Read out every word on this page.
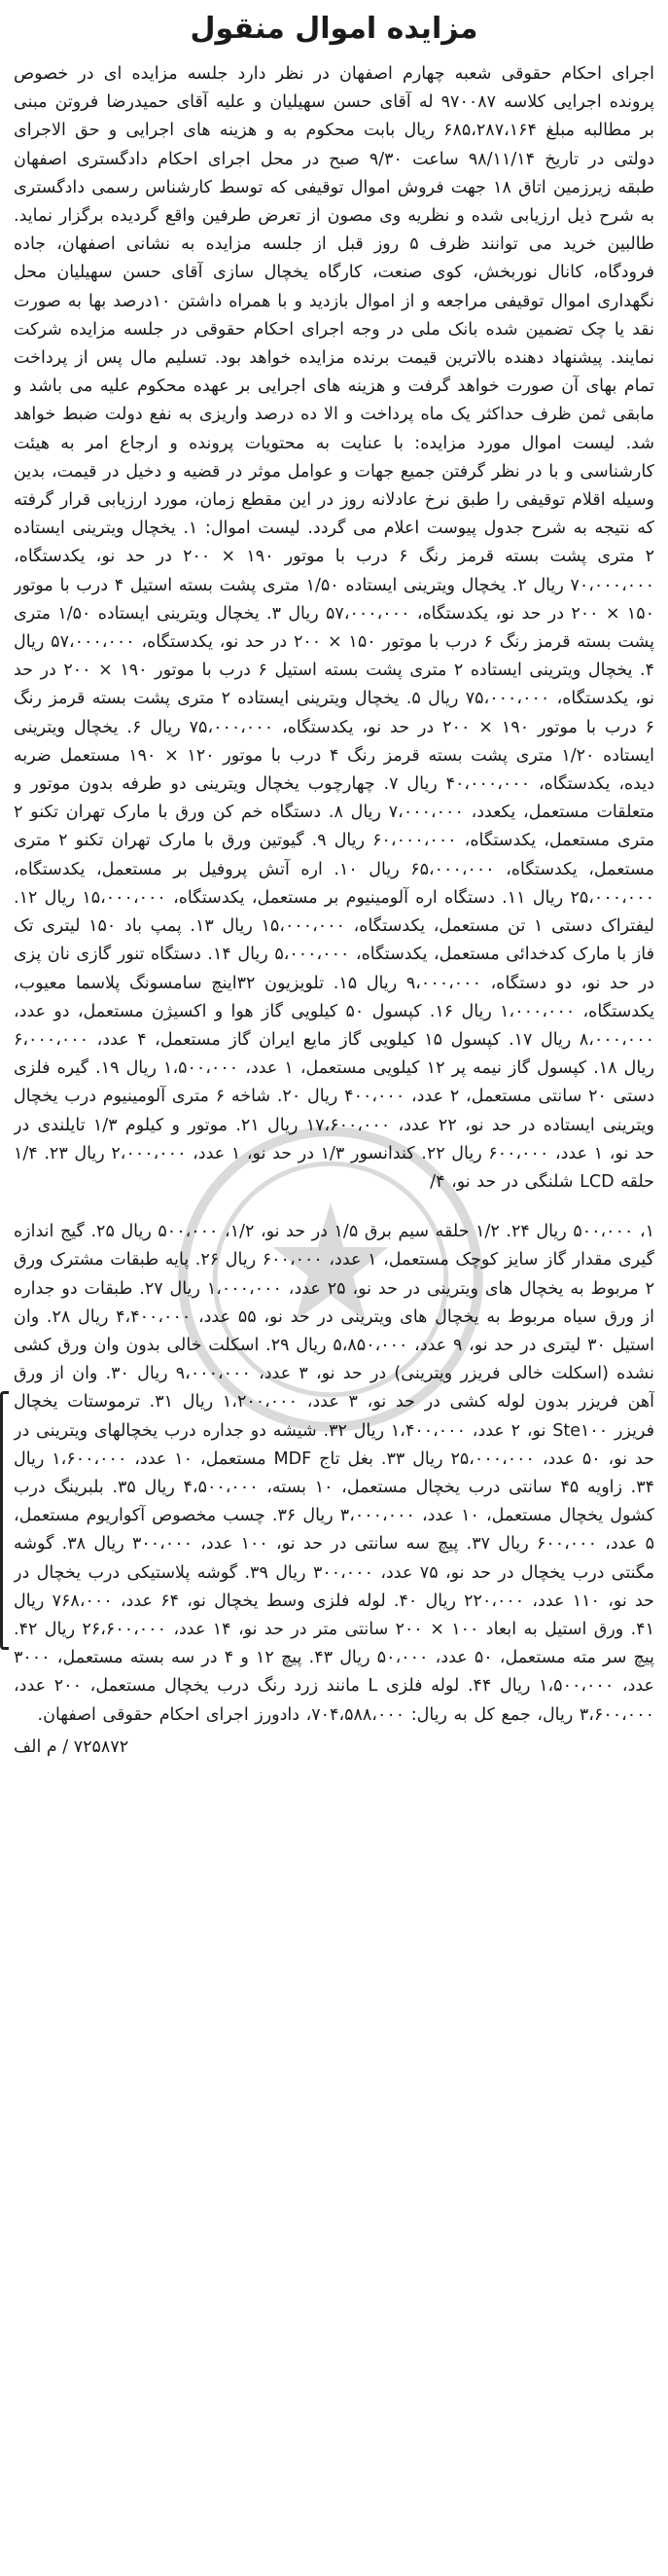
مزایده اموال منقول

اجرای احکام حقوقی شعبه چهارم اصفهان در نظر دارد جلسه مزایده ای در خصوص پرونده اجرایی کلاسه ۹۷۰۰۸۷ له آقای حسن سهیلیان و علیه آقای حمیدرضا فروتن مبنی بر مطالبه مبلغ ۶۸۵،۲۸۷،۱۶۴ ریال بابت محکوم به و هزینه های اجرایی و حق الاجرای دولتی در تاریخ ۹۸/۱۱/۱۴ ساعت ۹/۳۰ صبح در محل اجرای احکام دادگستری اصفهان طبقه زیرزمین اتاق ۱۸ جهت فروش اموال توقیفی که توسط کارشناس رسمی دادگستری به شرح ذیل ارزیابی شده و نظریه وی مصون از تعرض طرفین واقع گردیده برگزار نماید. طالبین خرید می توانند ظرف ۵ روز قبل از جلسه مزایده به نشانی اصفهان، جاده فرودگاه، کانال نوربخش، کوی صنعت، کارگاه یخچال سازی آقای حسن سهیلیان محل نگهداری اموال توقیفی مراجعه و از اموال بازدید و با همراه داشتن ۱۰درصد بها به صورت نقد یا چک تضمین شده بانک ملی در وجه اجرای احکام حقوقی در جلسه مزایده شرکت نمایند. پیشنهاد دهنده بالاترین قیمت برنده مزایده خواهد بود. تسلیم مال پس از پرداخت تمام بهای آن صورت خواهد گرفت و هزینه های اجرایی بر عهده محکوم علیه می باشد و مابقی ثمن ظرف حداکثر یک ماه پرداخت و الا ده درصد واریزی به نفع دولت ضبط خواهد شد. لیست اموال مورد مزایده: با عنایت به محتویات پرونده و ارجاع امر به هیئت کارشناسی و با در نظر گرفتن جمیع جهات و عوامل موثر در قضیه و دخیل در قیمت، بدین وسیله اقلام توقیفی را طبق نرخ عادلانه روز در این مقطع زمان، مورد ارزیابی قرار گرفته که نتیجه به شرح جدول پیوست اعلام می گردد. لیست اموال: ۱. یخچال ویترینی ایستاده ۲ متری پشت بسته قرمز رنگ ۶ درب با موتور ۱۹۰ × ۲۰۰ در حد نو، یکدستگاه، ۷۰،۰۰۰،۰۰۰ ریال ۲. یخچال ویترینی ایستاده ۱/۵۰ متری پشت بسته استیل ۴ درب با موتور ۱۵۰ × ۲۰۰ در حد نو، یکدستگاه، ۵۷،۰۰۰،۰۰۰ ریال ۳. یخچال ویترینی ایستاده ۱/۵۰ متری پشت بسته قرمز رنگ ۶ درب با موتور ۱۵۰ × ۲۰۰ در حد نو، یکدستگاه، ۵۷،۰۰۰،۰۰۰ ریال ۴. یخچال ویترینی ایستاده ۲ متری پشت بسته استیل ۶ درب با موتور ۱۹۰ × ۲۰۰ در حد نو، یکدستگاه، ۷۵،۰۰۰،۰۰۰ ریال ۵. یخچال ویترینی ایستاده ۲ متری پشت بسته قرمز رنگ ۶ درب با موتور ۱۹۰ × ۲۰۰ در حد نو، یکدستگاه، ۷۵،۰۰۰،۰۰۰ ریال ۶. یخچال ویترینی ایستاده ۱/۲۰ متری پشت بسته قرمز رنگ ۴ درب با موتور ۱۲۰ × ۱۹۰ مستعمل ضربه دیده، یکدستگاه، ۴۰،۰۰۰،۰۰۰ ریال ۷. چهارچوب یخچال ویترینی دو طرفه بدون موتور و متعلقات مستعمل، یکعدد، ۷،۰۰۰،۰۰۰ ریال ۸. دستگاه خم کن ورق با مارک تهران تکنو ۲ متری مستعمل، یکدستگاه، ۶۰،۰۰۰،۰۰۰ ریال ۹. گیوتین ورق با مارک تهران تکنو ۲ متری مستعمل، یکدستگاه، ۶۵،۰۰۰،۰۰۰ ریال ۱۰. اره آتش پروفیل بر مستعمل، یکدستگاه، ۲۵،۰۰۰،۰۰۰ ریال ۱۱. دستگاه اره آلومینیوم بر مستعمل، یکدستگاه، ۱۵،۰۰۰،۰۰۰ ریال ۱۲. لیفتراک دستی ۱ تن مستعمل، یکدستگاه، ۱۵،۰۰۰،۰۰۰ ریال ۱۳. پمپ باد ۱۵۰ لیتری تک فاز با مارک کدخدائی مستعمل، یکدستگاه، ۵،۰۰۰،۰۰۰ ریال ۱۴. دستگاه تنور گازی نان پزی در حد نو، دو دستگاه، ۹،۰۰۰،۰۰۰ ریال ۱۵. تلویزیون ۳۲اینچ سامسونگ پلاسما معیوب، یکدستگاه، ۱،۰۰۰،۰۰۰ ریال ۱۶. کپسول ۵۰ کیلویی گاز هوا و اکسیژن مستعمل، دو عدد، ۸،۰۰۰،۰۰۰ ریال ۱۷. کپسول ۱۵ کیلویی گاز مایع ایران گاز مستعمل، ۴ عدد، ۶،۰۰۰،۰۰۰ ریال ۱۸. کپسول گاز نیمه پر ۱۲ کیلویی مستعمل، ۱ عدد، ۱،۵۰۰،۰۰۰ ریال ۱۹. گیره فلزی دستی ۲۰ سانتی مستعمل، ۲ عدد، ۴۰۰،۰۰۰ ریال ۲۰. شاخه ۶ متری آلومینیوم درب یخچال ویترینی ایستاده در حد نو، ۲۲ عدد، ۱۷،۶۰۰،۰۰۰ ریال ۲۱. موتور و کیلوم ۱/۳ تایلندی در حد نو، ۱ عدد، ۶۰۰،۰۰۰ ریال ۲۲. کندانسور ۱/۳ در حد نو، ۱ عدد، ۲،۰۰۰،۰۰۰ ریال ۲۳. ۱/۴ حلقه LCD شلنگی در حد نو، ۴/

۱، ۵۰۰،۰۰۰ ریال ۲۴. ۱/۲ حلقه سیم برق ۱/۵ در حد نو، ۱/۲، ۵۰۰،۰۰۰ ریال ۲۵. گیج اندازه گیری مقدار گاز سایز کوچک مستعمل، ۱ عدد، ۶۰۰،۰۰۰ ریال ۲۶. پایه طبقات مشترک ورق ۲ مربوط به یخچال های ویترینی در حد نو، ۲۵ عدد، ۱،۰۰۰،۰۰۰ ریال ۲۷. طبقات دو جداره از ورق سیاه مربوط به یخچال های ویترینی در حد نو، ۵۵ عدد، ۴،۴۰۰،۰۰۰ ریال ۲۸. وان استیل ۳۰ لیتری در حد نو، ۹ عدد، ۵،۸۵۰،۰۰۰ ریال ۲۹. اسکلت خالی بدون وان ورق کشی نشده (اسکلت خالی فریزر ویترینی) در حد نو، ۳ عدد، ۹،۰۰۰،۰۰۰ ریال ۳۰. وان از ورق آهن فریزر بدون لوله کشی در حد نو، ۳ عدد، ۱،۲۰۰،۰۰۰ ریال ۳۱. ترموستات یخچال فریزر Ste۱۰۰ نو، ۲ عدد، ۱،۴۰۰،۰۰۰ ریال ۳۲. شیشه دو جداره درب یخچالهای ویترینی در حد نو، ۵۰ عدد، ۲۵،۰۰۰،۰۰۰ ریال ۳۳. بغل تاج MDF مستعمل، ۱۰ عدد، ۱،۶۰۰،۰۰۰ ریال ۳۴. زاویه ۴۵ سانتی درب یخچال مستعمل، ۱۰ بسته، ۴،۵۰۰،۰۰۰ ریال ۳۵. بلبرینگ درب کشول یخچال مستعمل، ۱۰ عدد، ۳،۰۰۰،۰۰۰ ریال ۳۶. چسب مخصوص آکواریوم مستعمل، ۵ عدد، ۶۰۰،۰۰۰ ریال ۳۷. پیچ سه سانتی در حد نو، ۱۰۰ عدد، ۳۰۰،۰۰۰ ریال ۳۸. گوشه مگنتی درب یخچال در حد نو، ۷۵ عدد، ۳۰۰،۰۰۰ ریال ۳۹. گوشه پلاستیکی درب یخچال در حد نو، ۱۱۰ عدد، ۲۲۰،۰۰۰ ریال ۴۰. لوله فلزی وسط یخچال نو، ۶۴ عدد، ۷۶۸،۰۰۰ ریال ۴۱. ورق استیل به ابعاد ۱۰۰ × ۲۰۰ سانتی متر در حد نو، ۱۴ عدد، ۲۶،۶۰۰،۰۰۰ ریال ۴۲. پیچ سر مته مستعمل، ۵۰ عدد، ۵۰،۰۰۰ ریال ۴۳. پیچ ۱۲ و ۴ در سه بسته مستعمل، ۳۰۰۰ عدد، ۱،۵۰۰،۰۰۰ ریال ۴۴. لوله فلزی L مانند زرد رنگ درب یخچال مستعمل، ۲۰۰ عدد، ۳،۶۰۰،۰۰۰ ریال، جمع کل به ریال: ۷۰۴،۵۸۸،۰۰۰، دادورز اجرای احکام حقوقی اصفهان.

۷۲۵۸۷۲ / م الف
